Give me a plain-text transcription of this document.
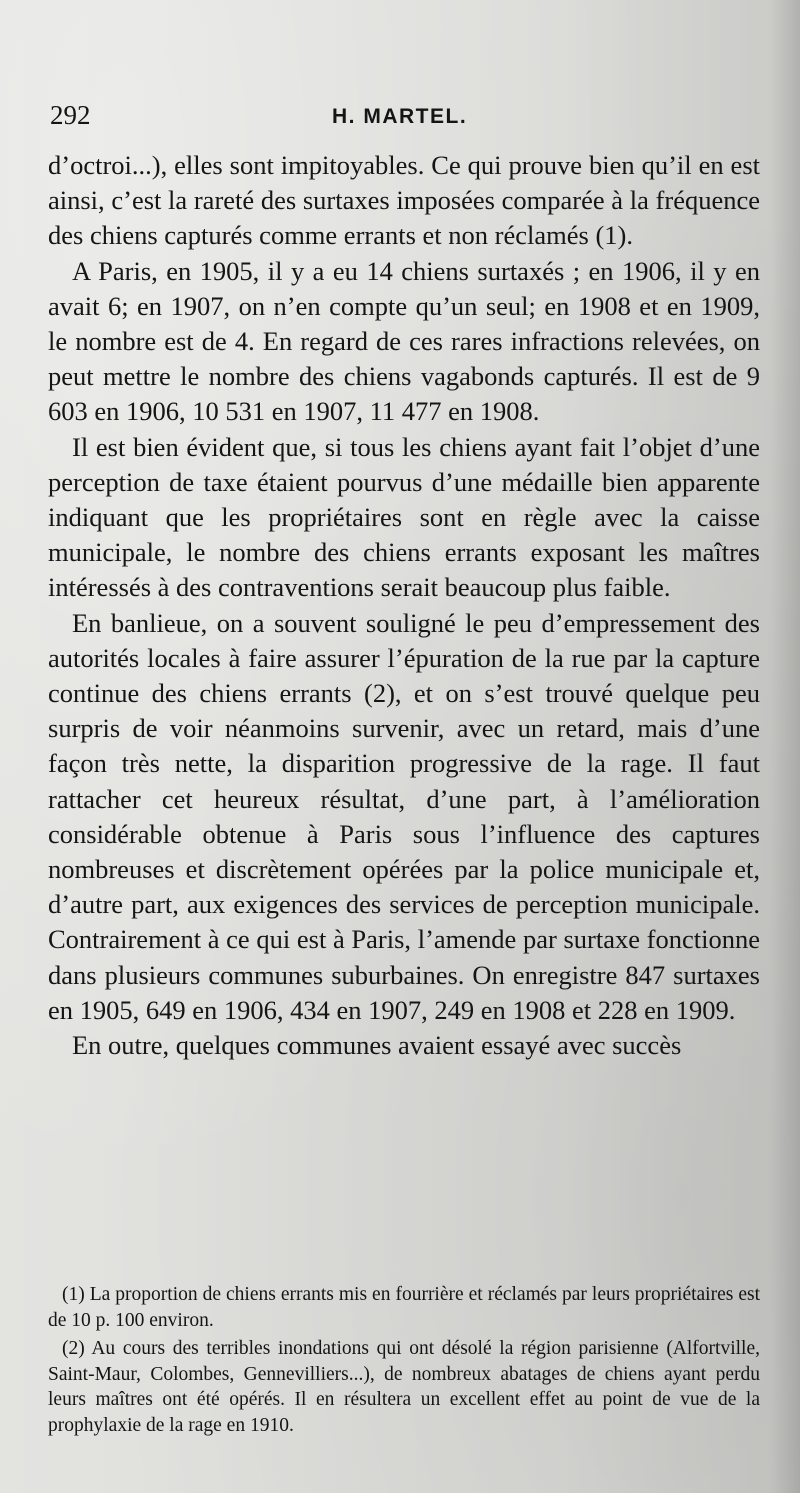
292	H. MARTEL.

d’octroi...), elles sont impitoyables. Ce qui prouve bien qu’il en est ainsi, c’est la rareté des surtaxes imposées comparée à la fréquence des chiens capturés comme errants et non réclamés (1).

A Paris, en 1905, il y a eu 14 chiens surtaxés ; en 1906, il y en avait 6; en 1907, on n’en compte qu’un seul; en 1908 et en 1909, le nombre est de 4. En regard de ces rares infractions relevées, on peut mettre le nombre des chiens vagabonds capturés. Il est de 9 603 en 1906, 10 531 en 1907, 11 477 en 1908.

Il est bien évident que, si tous les chiens ayant fait l’objet d’une perception de taxe étaient pourvus d’une médaille bien apparente indiquant que les propriétaires sont en règle avec la caisse municipale, le nombre des chiens errants exposant les maîtres intéressés à des contraventions serait beaucoup plus faible.

En banlieue, on a souvent souligné le peu d’empressement des autorités locales à faire assurer l’épuration de la rue par la capture continue des chiens errants (2), et on s’est trouvé quelque peu surpris de voir néanmoins survenir, avec un retard, mais d’une façon très nette, la disparition progressive de la rage. Il faut rattacher cet heureux résultat, d’une part, à l’amélioration considérable obtenue à Paris sous l’influence des captures nombreuses et discrètement opérées par la police municipale et, d’autre part, aux exigences des services de perception municipale. Contrairement à ce qui est à Paris, l’amende par surtaxe fonctionne dans plusieurs communes suburbaines. On enregistre 847 surtaxes en 1905, 649 en 1906, 434 en 1907, 249 en 1908 et 228 en 1909.

En outre, quelques communes avaient essayé avec succès

(1) La proportion de chiens errants mis en fourrière et réclamés par leurs propriétaires est de 10 p. 100 environ.

(2) Au cours des terribles inondations qui ont désolé la région parisienne (Alfortville, Saint-Maur, Colombes, Gennevilliers...), de nombreux abatages de chiens ayant perdu leurs maîtres ont été opérés. Il en résultera un excellent effet au point de vue de la prophylaxie de la rage en 1910.
